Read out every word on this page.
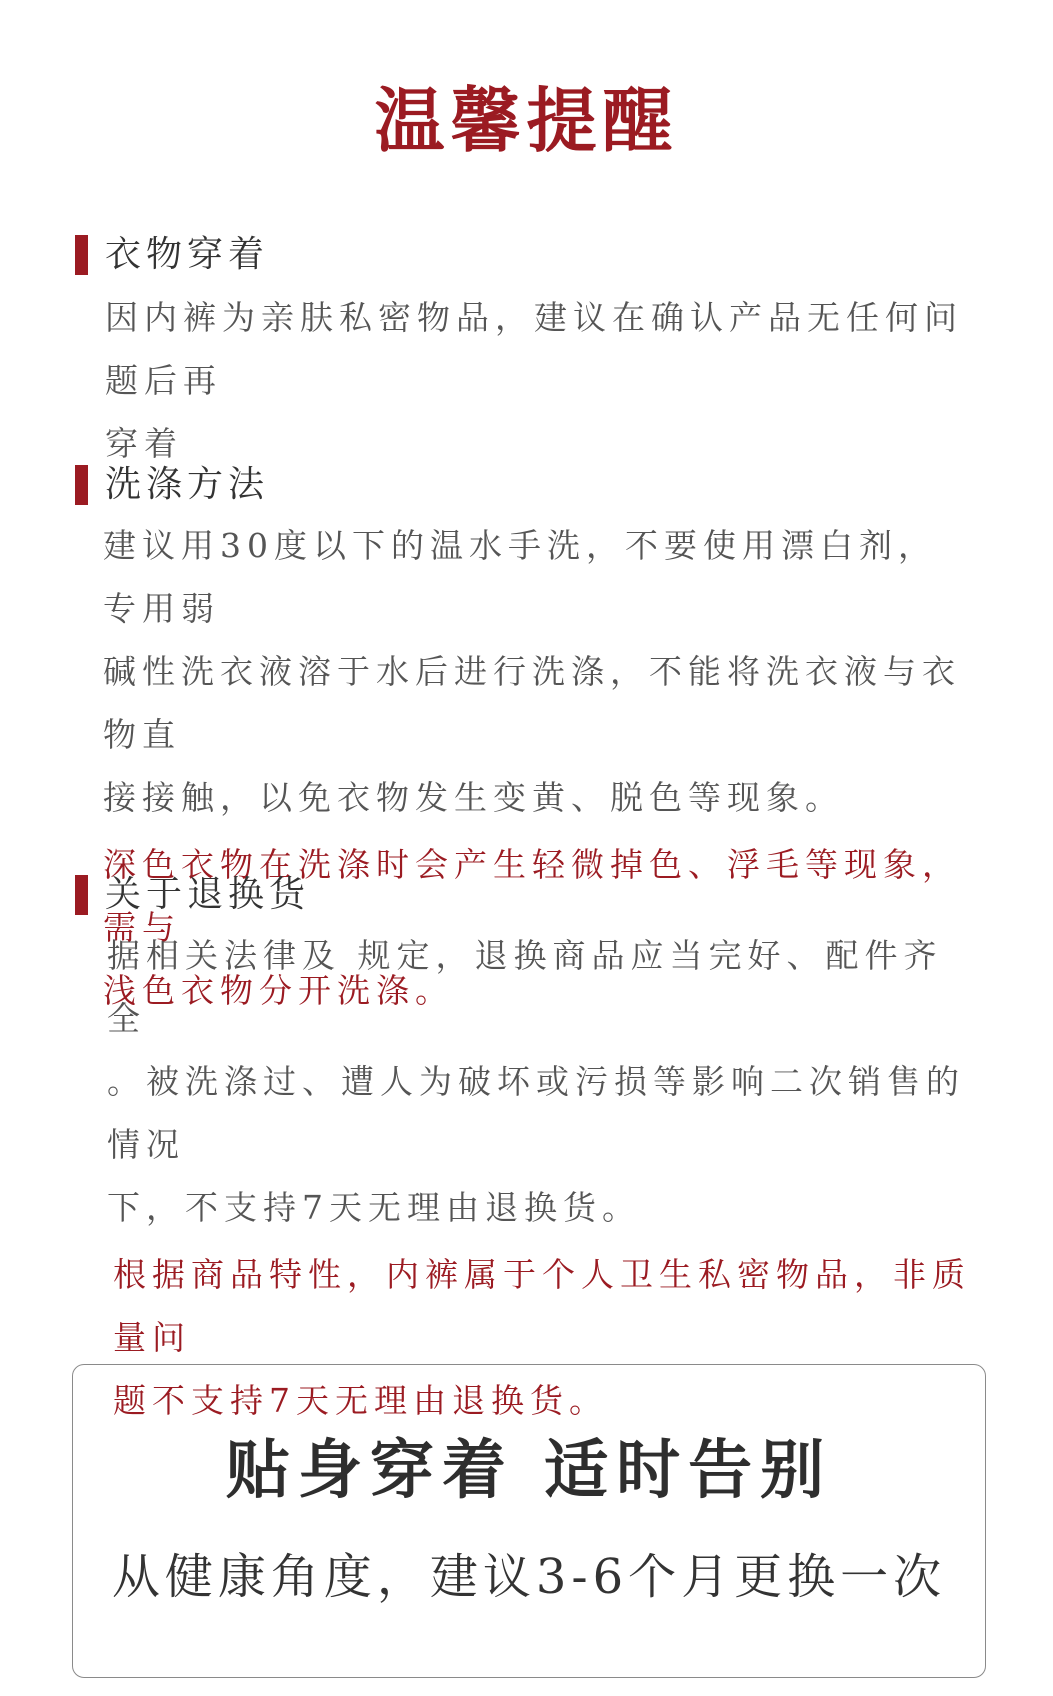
温馨提醒
衣物穿着

因内裤为亲肤私密物品，建议在确认产品无任何问题后再
穿着

洗涤方法

建议用30度以下的温水手洗，不要使用漂白剂，专用弱
碱性洗衣液溶于水后进行洗涤，不能将洗衣液与衣物直
接接触，以免衣物发生变黄、脱色等现象。

深色衣物在洗涤时会产生轻微掉色、浮毛等现象，需与
浅色衣物分开洗涤。

关于退换货

据相关法律及 规定，退换商品应当完好、配件齐全
。被洗涤过、遭人为破坏或污损等影响二次销售的情况
下，不支持7天无理由退换货。

根据商品特性，内裤属于个人卫生私密物品，非质量问
题不支持7天无理由退换货。

贴身穿着 适时告别
从健康角度，建议3-6个月更换一次
